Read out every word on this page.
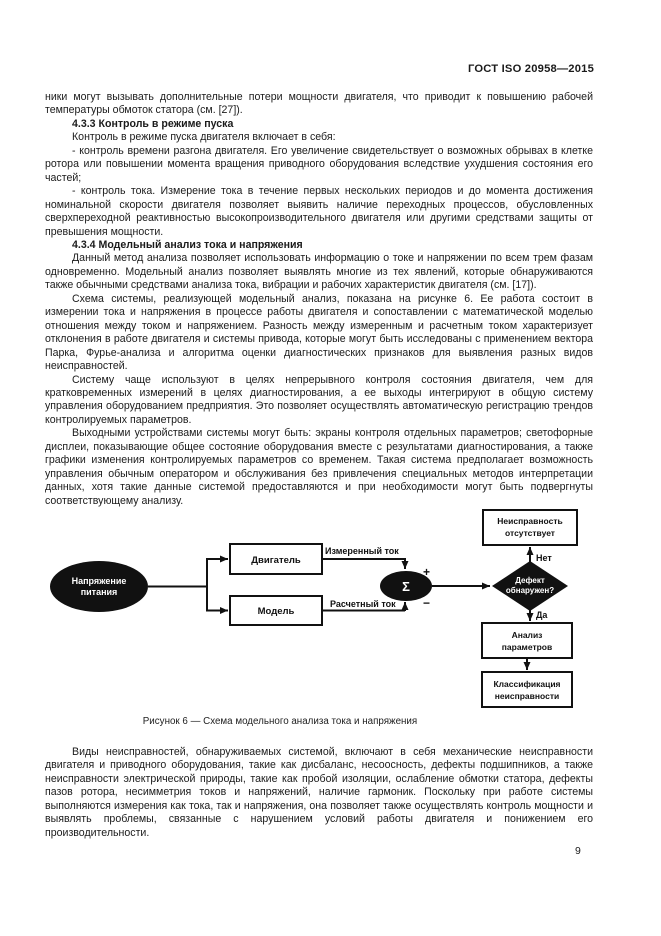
ГОСТ ISO 20958—2015

ники могут вызывать дополнительные потери мощности двигателя, что приводит к повышению рабочей температуры обмоток статора (см. [27]).

4.3.3 Контроль в режиме пуска

Контроль в режиме пуска двигателя включает в себя:

- контроль времени разгона двигателя. Его увеличение свидетельствует о возможных обрывах в клетке ротора или повышении момента вращения приводного оборудования вследствие ухудшения состояния его частей;

- контроль тока. Измерение тока в течение первых нескольких периодов и до момента достижения номинальной скорости двигателя позволяет выявить наличие переходных процессов, обусловленных сверхпереходной реактивностью высокопроизводительного двигателя или другими средствами защиты от превышения мощности.

4.3.4 Модельный анализ тока и напряжения

Данный метод анализа позволяет использовать информацию о токе и напряжении по всем трем фазам одновременно. Модельный анализ позволяет выявлять многие из тех явлений, которые обнаруживаются также обычными средствами анализа тока, вибрации и рабочих характеристик двигателя (см. [17]).

Схема системы, реализующей модельный анализ, показана на рисунке 6. Ее работа состоит в измерении тока и напряжения в процессе работы двигателя и сопоставлении с математической моделью отношения между током и напряжением. Разность между измеренным и расчетным током характеризует отклонения в работе двигателя и системы привода, которые могут быть исследованы с применением вектора Парка, Фурье-анализа и алгоритма оценки диагностических признаков для выявления разных видов неисправностей.

Систему чаще используют в целях непрерывного контроля состояния двигателя, чем для кратковременных измерений в целях диагностирования, а ее выходы интегрируют в общую систему управления оборудованием предприятия. Это позволяет осуществлять автоматическую регистрацию трендов контролируемых параметров.

Выходными устройствами системы могут быть: экраны контроля отдельных параметров; светофорные дисплеи, показывающие общее состояние оборудования вместе с результатами диагностирования, а также графики изменения контролируемых параметров со временем. Такая система предполагает возможность управления обычным оператором и обслуживания без привлечения специальных методов интерпретации данных, хотя такие данные системой предоставляются и при необходимости могут быть подвергнуты соответствующему анализу.

Напряжение
питания
Двигатель
Модель
Измеренный ток
Расчетный ток
Σ
+
−
Дефект
обнаружен?
Нет
Да
Неисправность
отсутствует
Анализ
параметров
Классификация
неисправности
Рисунок 6 — Схема модельного анализа тока и напряжения

Виды неисправностей, обнаруживаемых системой, включают в себя механические неисправности двигателя и приводного оборудования, такие как дисбаланс, несоосность, дефекты подшипников, а также неисправности электрической природы, такие как пробой изоляции, ослабление обмотки статора, дефекты пазов ротора, несимметрия токов и напряжений, наличие гармоник. Поскольку при работе системы выполняются измерения как тока, так и напряжения, она позволяет также осуществлять контроль мощности и выявлять проблемы, связанные с нарушением условий работы двигателя и понижением его производительности.

9
